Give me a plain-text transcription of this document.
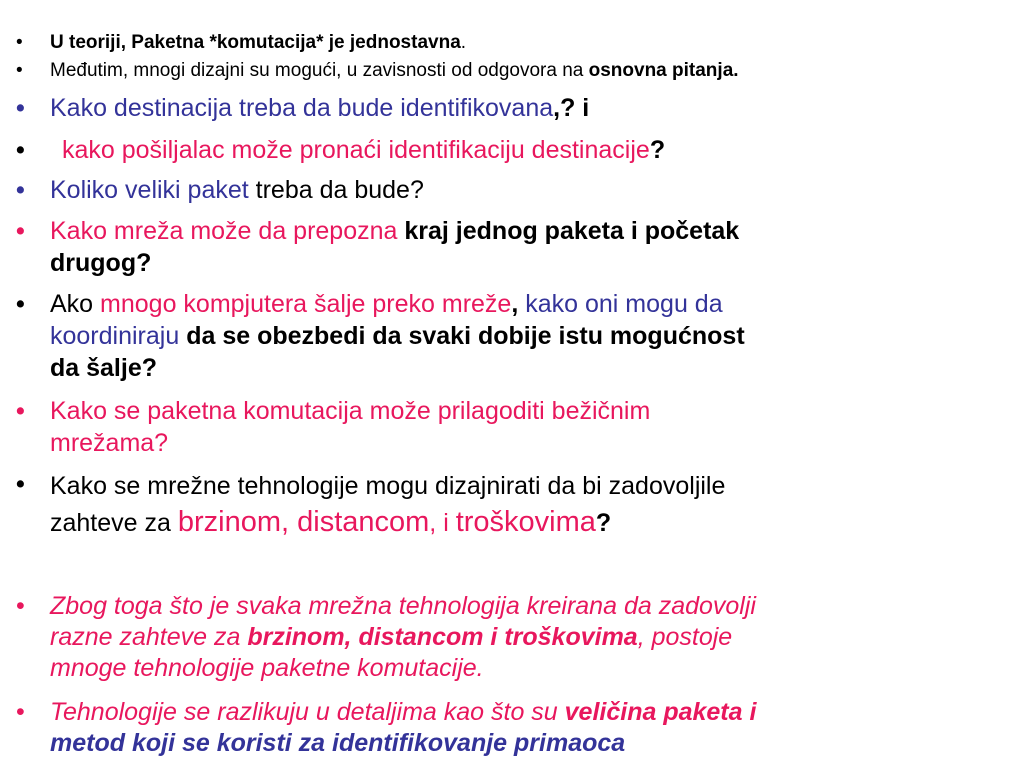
• U teoriji, Paketna *komutacija* je jednostavna.
• Međutim, mnogi dizajni su mogući, u zavisnosti od odgovora na osnovna pitanja.
• Kako destinacija treba da bude identifikovana,? i
• kako pošiljalac može pronaći identifikaciju destinacije?
• Koliko veliki paket treba da bude?
• Kako mreža može da prepozna kraj jednog paketa i početak
drugog?
• Ako mnogo kompjutera šalje preko mreže, kako oni mogu da
koordiniraju da se obezbedi da svaki dobije istu mogućnost
da šalje?
• Kako se paketna komutacija može prilagoditi bežičnim
mrežama?
• Kako se mrežne tehnologije mogu dizajnirati da bi zadovoljile
zahteve za brzinom, distancom, i troškovima?
• Zbog toga što je svaka mrežna tehnologija kreirana da zadovolji
razne zahteve za brzinom, distancom i troškovima, postoje
mnoge tehnologije paketne komutacije.
• Tehnologije se razlikuju u detaljima kao što su veličina paketa i
metod koji se koristi za identifikovanje primaoca
